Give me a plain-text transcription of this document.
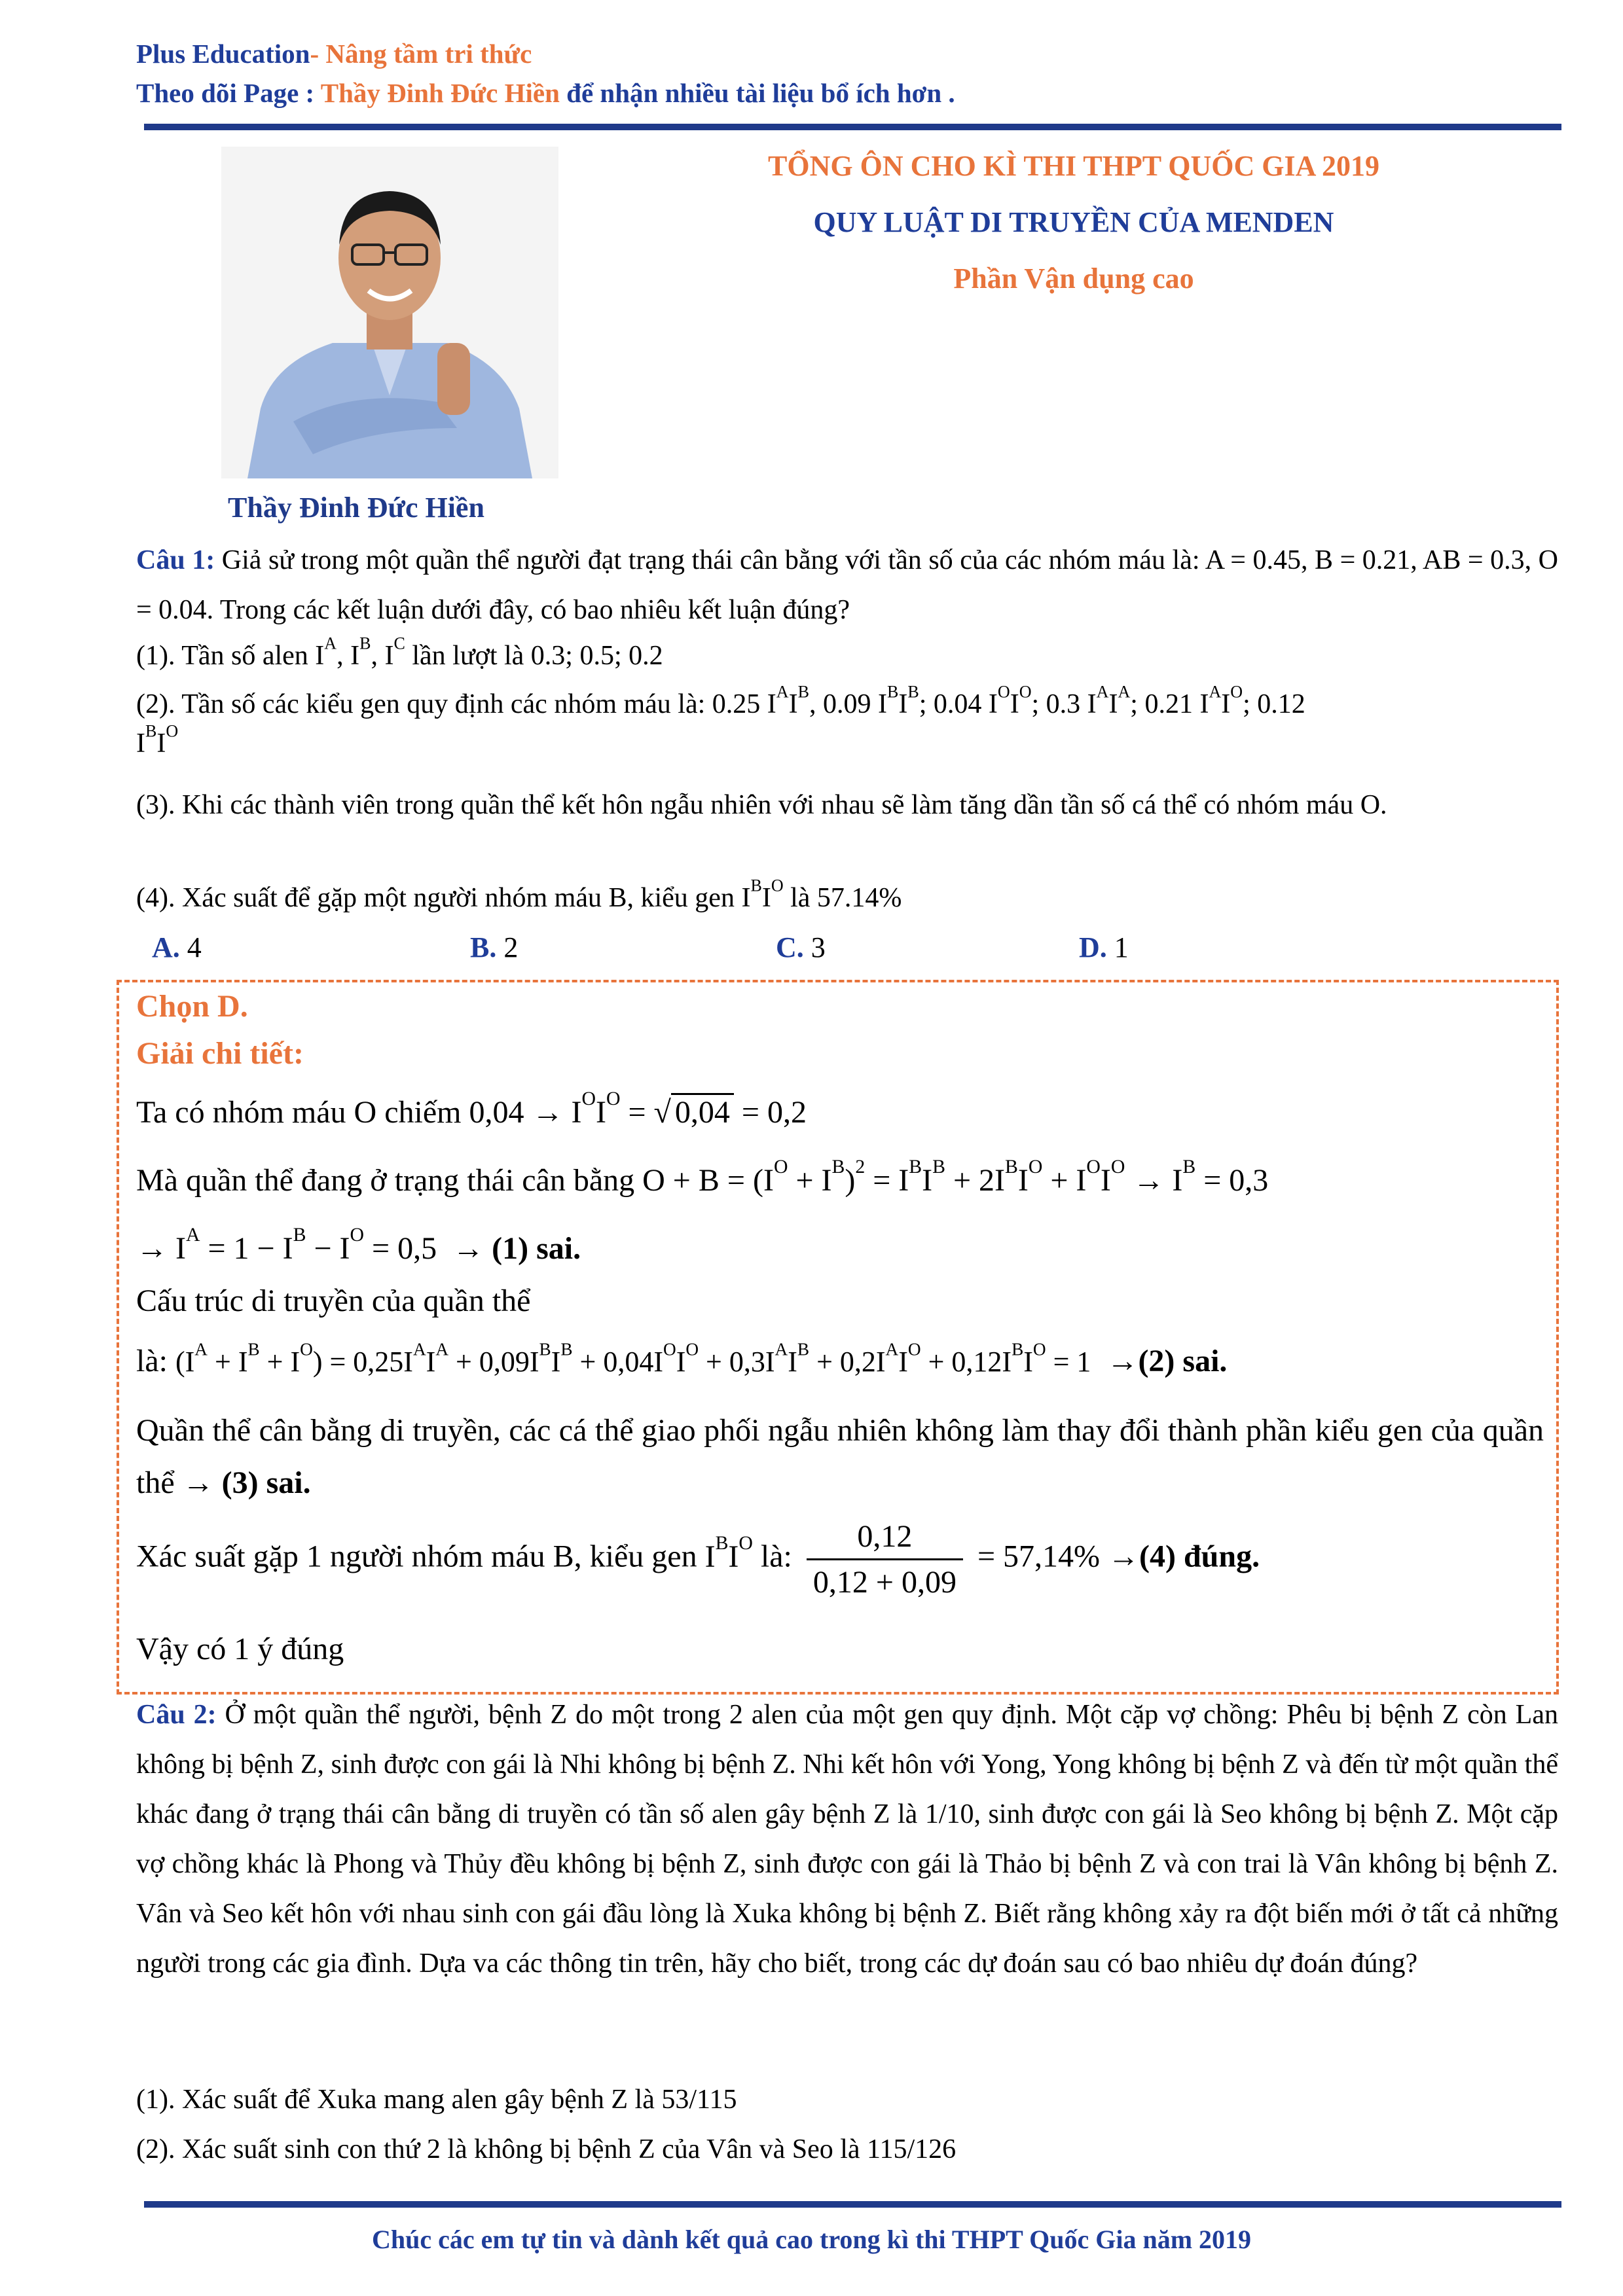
Plus Education- Nâng tầm tri thức
Theo dõi Page : Thầy Đinh Đức Hiền để nhận nhiều tài liệu bổ ích hơn .
TỔNG ÔN CHO KÌ THI THPT QUỐC GIA 2019
QUY LUẬT DI TRUYỀN CỦA MENDEN
Phần Vận dụng cao
Thầy Đinh Đức Hiền
Câu 1: Giả sử trong một quần thể người đạt trạng thái cân bằng với tần số của các nhóm máu là: A = 0.45, B = 0.21, AB = 0.3, O = 0.04. Trong các kết luận dưới đây, có bao nhiêu kết luận đúng?
(1). Tần số alen $I^A$, $I^B$, $I^C$ lần lượt là 0.3; 0.5; 0.2
(2). Tần số các kiểu gen quy định các nhóm máu là: 0.25 $I^AI^B$, 0.09 $I^BI^B$; 0.04 $I^OI^O$; 0.3 $I^AI^A$; 0.21 $I^AI^O$; 0.12
$I^BI^O$
(3). Khi các thành viên trong quần thể kết hôn ngẫu nhiên với nhau sẽ làm tăng dần tần số cá thể có nhóm máu O.
(4). Xác suất để gặp một người nhóm máu B, kiểu gen $I^BI^O$ là 57.14%
A. 4	B. 2	C. 3	D. 1
Chọn D.
Giải chi tiết:
Ta có nhóm máu O chiếm $0,04 \to I^OI^O$ = √ 0,04 = 0,2
Mà quần thể đang ở trạng thái cân bằng $O + B = (I^O + I^B)^2 = I^BI^B + 2I^BI^O + I^OI^O \to I^B = 0,3$
→ $I^A = 1 - I^B - I^O = 0,5 \to (1)$ sai.
Cấu trúc di truyền của quần thể
là: $(I^A + I^B + I^O) = 0,25I^AI^A + 0,09I^BI^B + 0,04I^OI^O + 0,3I^AI^B + 0,2I^AI^O + 0,12I^BI^O = 1 \to(2)$ sai.
Quần thể cân bằng di truyền, các cá thể giao phối ngẫu nhiên không làm thay đổi thành phần kiểu gen của quần thể → (3) sai.
Xác suất gặp 1 người nhóm máu B, kiểu gen $I^BI^O$ là: $\frac{0,12}{0,12 + 0,09} = 57,14\% \to(4)$ đúng.
Vậy có 1 ý đúng
Câu 2: Ở một quần thể người, bệnh Z do một trong 2 alen của một gen quy định. Một cặp vợ chồng: Phêu bị bệnh Z còn Lan không bị bệnh Z, sinh được con gái là Nhi không bị bệnh Z. Nhi kết hôn với Yong, Yong không bị bệnh Z và đến từ một quần thể khác đang ở trạng thái cân bằng di truyền có tần số alen gây bệnh Z là 1/10, sinh được con gái là Seo không bị bệnh Z. Một cặp vợ chồng khác là Phong và Thủy đều không bị bệnh Z, sinh được con gái là Thảo bị bệnh Z và con trai là Vân không bị bệnh Z. Vân và Seo kết hôn với nhau sinh con gái đầu lòng là Xuka không bị bệnh Z. Biết rằng không xảy ra đột biến mới ở tất cả những người trong các gia đình. Dựa va các thông tin trên, hãy cho biết, trong các dự đoán sau có bao nhiêu dự đoán đúng?
(1). Xác suất để Xuka mang alen gây bệnh Z là 53/115
(2). Xác suất sinh con thứ 2 là không bị bệnh Z của Vân và Seo là 115/126
Chúc các em tự tin và dành kết quả cao trong kì thi THPT Quốc Gia năm 2019
